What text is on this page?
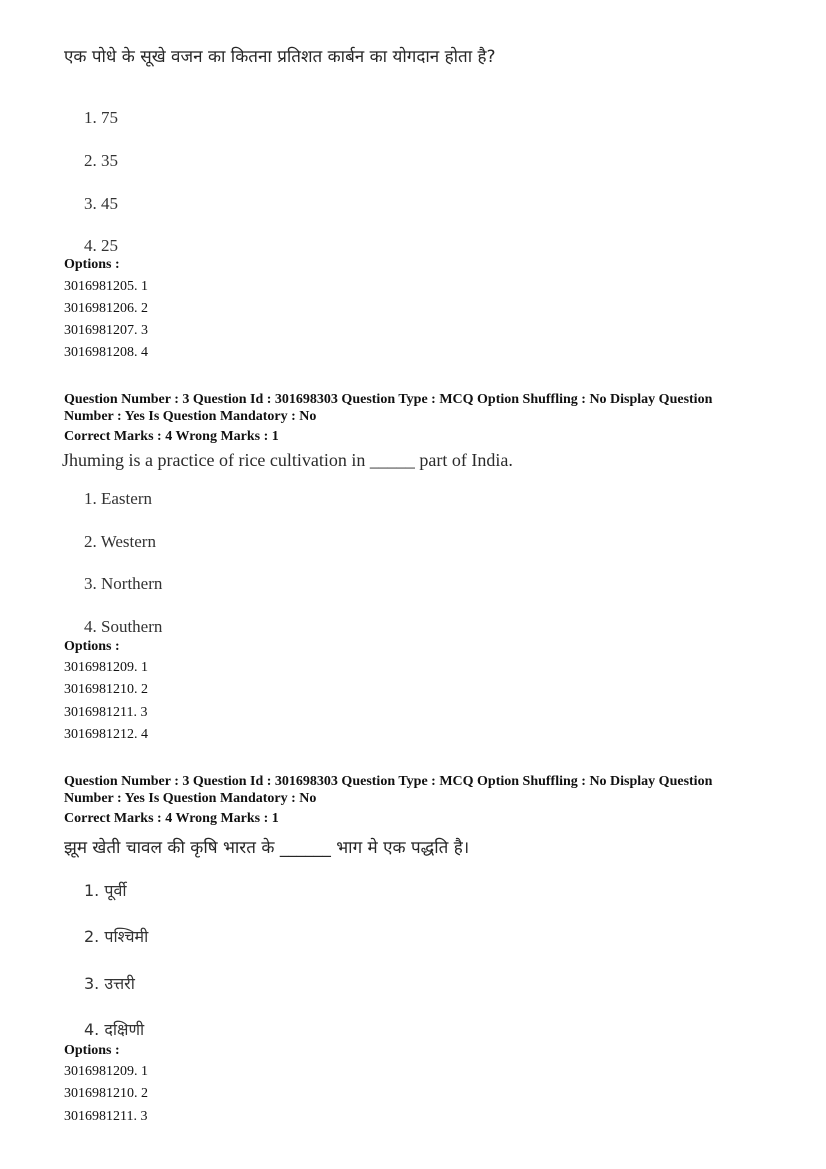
एक पोधे के सूखे वजन का कितना प्रतिशत कार्बन का योगदान होता है?
1. 75
2. 35
3. 45
4. 25
Options :
3016981205. 1
3016981206. 2
3016981207. 3
3016981208. 4
Question Number : 3 Question Id : 301698303 Question Type : MCQ Option Shuffling : No Display Question
Number : Yes Is Question Mandatory : No
Correct Marks : 4 Wrong Marks : 1
Jhuming is a practice of rice cultivation in _____ part of India.
1. Eastern
2. Western
3. Northern
4. Southern
Options :
3016981209. 1
3016981210. 2
3016981211. 3
3016981212. 4
Question Number : 3 Question Id : 301698303 Question Type : MCQ Option Shuffling : No Display Question
Number : Yes Is Question Mandatory : No
Correct Marks : 4 Wrong Marks : 1
झूम खेती चावल की कृषि भारत के ______ भाग मे एक पद्धति है।
1. पूर्वी
2. पश्चिमी
3. उत्तरी
4. दक्षिणी
Options :
3016981209. 1
3016981210. 2
3016981211. 3
